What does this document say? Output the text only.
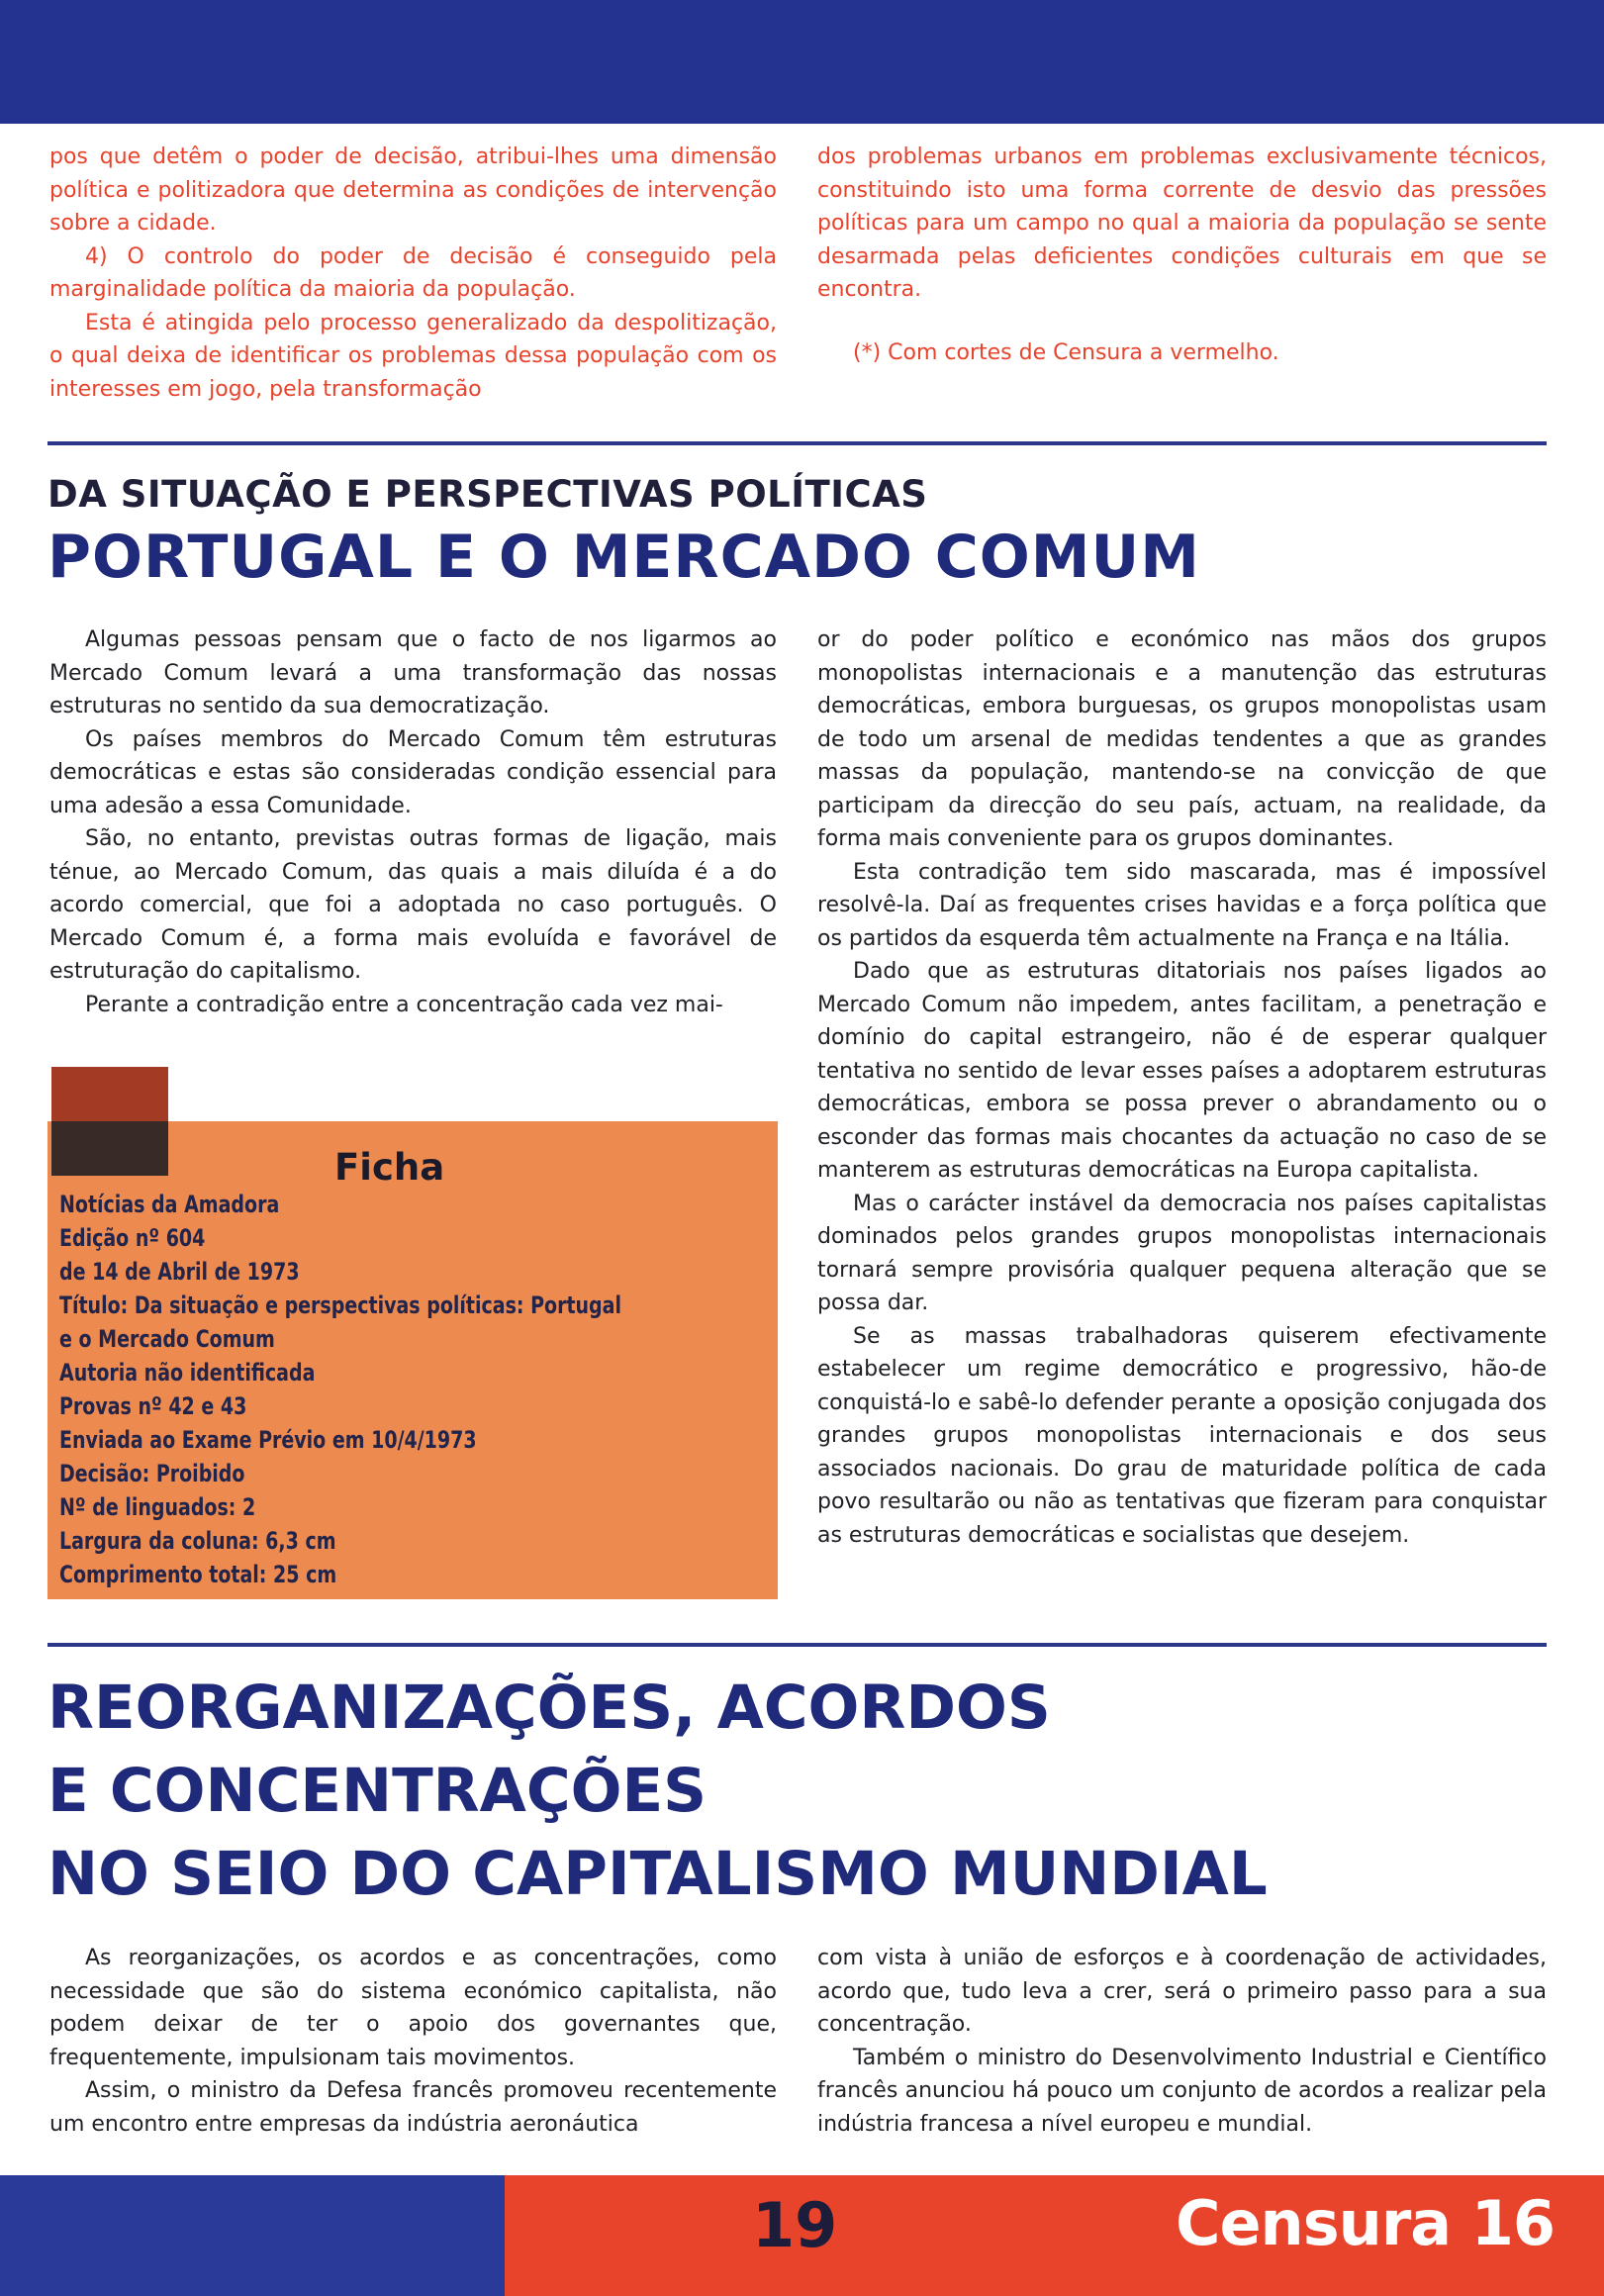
pos que detêm o poder de decisão, atribui-lhes uma dimensão política e politizadora que determina as condições de intervenção sobre a cidade.

4) O controlo do poder de decisão é conseguido pela marginalidade política da maioria da população.

Esta é atingida pelo processo generalizado da despolitização, o qual deixa de identificar os problemas dessa população com os interesses em jogo, pela transformação

dos problemas urbanos em problemas exclusivamente técnicos, constituindo isto uma forma corrente de desvio das pressões políticas para um campo no qual a maioria da população se sente desarmada pelas deficientes condições culturais em que se encontra.

(*) Com cortes de Censura a vermelho.

DA SITUAÇÃO E PERSPECTIVAS POLÍTICAS
PORTUGAL E O MERCADO COMUM

Algumas pessoas pensam que o facto de nos ligarmos ao Mercado Comum levará a uma transformação das nossas estruturas no sentido da sua democratização.

Os países membros do Mercado Comum têm estruturas democráticas e estas são consideradas condição essencial para uma adesão a essa Comunidade.

São, no entanto, previstas outras formas de ligação, mais ténue, ao Mercado Comum, das quais a mais diluída é a do acordo comercial, que foi a adoptada no caso português. O Mercado Comum é, a forma mais evoluída e favorável de estruturação do capitalismo.

Perante a contradição entre a concentração cada vez mai-

or do poder político e económico nas mãos dos grupos monopolistas internacionais e a manutenção das estruturas democráticas, embora burguesas, os grupos monopolistas usam de todo um arsenal de medidas tendentes a que as grandes massas da população, mantendo-se na convicção de que participam da direcção do seu país, actuam, na realidade, da forma mais conveniente para os grupos dominantes.

Esta contradição tem sido mascarada, mas é impossível resolvê-la. Daí as frequentes crises havidas e a força política que os partidos da esquerda têm actualmente na França e na Itália.

Dado que as estruturas ditatoriais nos países ligados ao Mercado Comum não impedem, antes facilitam, a penetração e domínio do capital estrangeiro, não é de esperar qualquer tentativa no sentido de levar esses países a adoptarem estruturas democráticas, embora se possa prever o abrandamento ou o esconder das formas mais chocantes da actuação no caso de se manterem as estruturas democráticas na Europa capitalista.

Mas o carácter instável da democracia nos países capitalistas dominados pelos grandes grupos monopolistas internacionais tornará sempre provisória qualquer pequena alteração que se possa dar.

Se as massas trabalhadoras quiserem efectivamente estabelecer um regime democrático e progressivo, hão-de conquistá-lo e sabê-lo defender perante a oposição conjugada dos grandes grupos monopolistas internacionais e dos seus associados nacionais. Do grau de maturidade política de cada povo resultarão ou não as tentativas que fizeram para conquistar as estruturas democráticas e socialistas que desejem.

Ficha
Notícias da Amadora
Edição nº 604
de 14 de Abril de 1973
Título: Da situação e perspectivas políticas: Portugal
e o Mercado Comum
Autoria não identificada
Provas nº 42 e 43
Enviada ao Exame Prévio em 10/4/1973
Decisão: Proibido
Nº de linguados: 2
Largura da coluna: 6,3 cm
Comprimento total: 25 cm
REORGANIZAÇÕES, ACORDOS
E CONCENTRAÇÕES
NO SEIO DO CAPITALISMO MUNDIAL

As reorganizações, os acordos e as concentrações, como necessidade que são do sistema económico capitalista, não podem deixar de ter o apoio dos governantes que, frequentemente, impulsionam tais movimentos.

Assim, o ministro da Defesa francês promoveu recentemente um encontro entre empresas da indústria aeronáutica

com vista à união de esforços e à coordenação de actividades, acordo que, tudo leva a crer, será o primeiro passo para a sua concentração.

Também o ministro do Desenvolvimento Industrial e Científico francês anunciou há pouco um conjunto de acordos a realizar pela indústria francesa a nível europeu e mundial.

19	Censura 16
